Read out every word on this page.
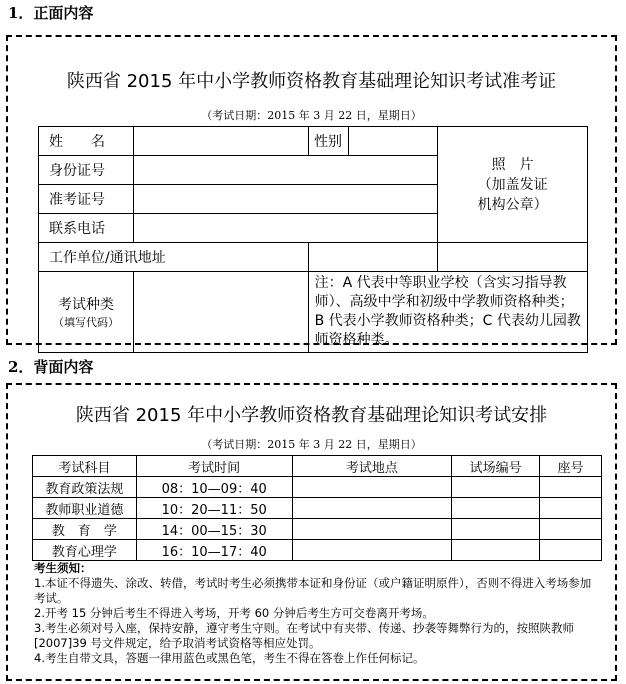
1．正面内容
陕西省 2015 年中小学教师资格教育基础理论知识考试准考证
（考试日期：2015 年 3 月 22 日，星期日）
姓　　名		性别		照　片
（加盖发证
机构公章）

身份证号				
准考证号				
联系电话				
工作单位/通讯地址				

考试种类
（填写代码）		注：A 代表中等职业学校（含实习指导教师）、高级中学和初级中学教师资格种类；B 代表小学教师资格种类；C 代表幼儿园教师资格种类。		
2．背面内容
陕西省 2015 年中小学教师资格教育基础理论知识考试安排
（考试日期：2015 年 3 月 22 日，星期日）
考试科目	考试时间	考试地点	试场编号	座号
教育政策法规	08：10—09：40			
教师职业道德	10：20—11：50			
教　育　学	14：00—15：30			
教育心理学	16：10—17：40			

考生须知：

1.本证不得遗失、涂改、转借，考试时考生必须携带本证和身份证（或户籍证明原件），否则不得进入考场参加考试。

2.开考 15 分钟后考生不得进入考场，开考 60 分钟后考生方可交卷离开考场。

3.考生必须对号入座，保持安静，遵守考生守则。在考试中有夹带、传递、抄袭等舞弊行为的，按照陕教师[2007]39 号文件规定，给予取消考试资格等相应处罚。

4.考生自带文具，答题一律用蓝色或黑色笔，考生不得在答卷上作任何标记。
